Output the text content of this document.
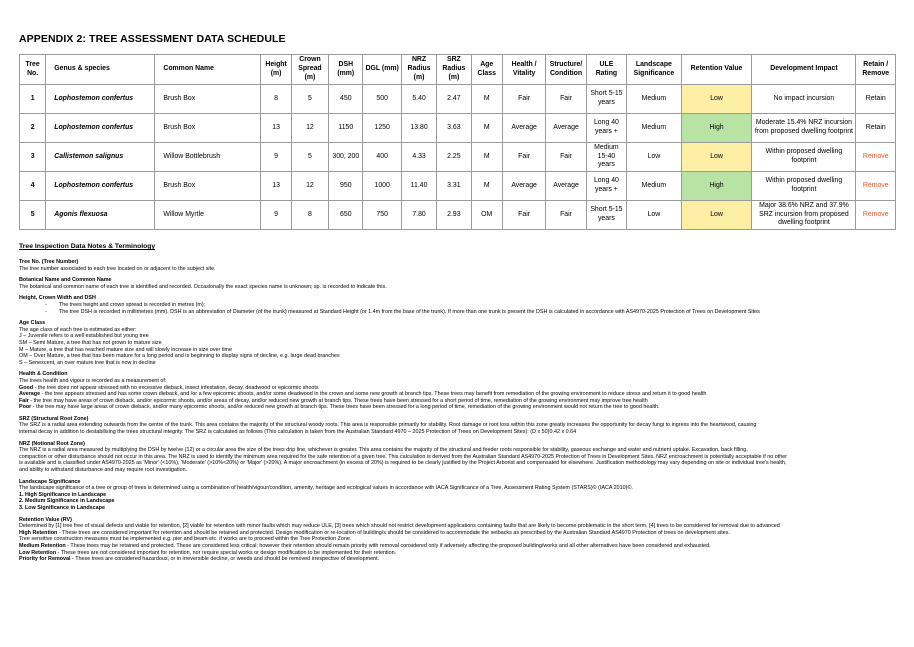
APPENDIX 2: TREE ASSESSMENT DATA SCHEDULE
Tree No.	Genus & species	Common Name	Height (m)	Crown Spread (m)	DSH (mm)	DGL (mm)	NRZ Radius (m)	SRZ Radius (m)	Age Class	Health / Vitality	Structure/ Condition	ULE Rating	Landscape Significance	Retention Value	Development Impact	Retain / Remove
1	Lophostemon confertus	Brush Box	8	5	450	500	5.40	2.47	M	Fair	Fair	Short 5-15 years	Medium	Low	No impact incursion	Retain
2	Lophostemon confertus	Brush Box	13	12	1150	1250	13.80	3.63	M	Average	Average	Long 40 years +	Medium	High	Moderate 15.4% NRZ incursion from proposed dwelling footprint	Retain
3	Callistemon salignus	Willow Bottlebrush	9	5	300, 200	400	4.33	2.25	M	Fair	Fair	Medium 15-40 years	Low	Low	Within proposed dwelling footprint	Remove
4	Lophostemon confertus	Brush Box	13	12	950	1000	11.40	3.31	M	Average	Average	Long 40 years +	Medium	High	Within proposed dwelling footprint	Remove
5	Agonis flexuosa	Willow Myrtle	9	8	650	750	7.80	2.93	OM	Fair	Fair	Short 5-15 years	Low	Low	Major 38.6% NRZ and 37.9% SRZ incursion from proposed dwelling footprint	Remove
Tree Inspection Data Notes & Terminology
Tree No. (Tree Number)
The tree number associated to each tree located on or adjacent to the subject site.
Botanical Name and Common Name
The botanical and common name of each tree is identified and recorded. Occasionally the exact species name is unknown; sp. is recorded to indicate this.
Height, Crown Width and DSH
- The trees height and crown spread is recorded in metres (m);
- The tree DSH is recorded in millimetres (mm). DSH is an abbreviation of Diameter (of the trunk) measured at Standard Height (or 1.4m from the base of the trunk). If more than one trunk is present the DSH is calculated in accordance with AS4970-2025 Protection of Trees on Development Sites
Age Class
The age class of each tree is estimated as either:
J – Juvenile refers to a well established but young tree
SM – Semi Mature, a tree that has not grown to mature size
M – Mature, a tree that has reached mature size and will slowly increase in size over time
OM – Over Mature, a tree that has been mature for a long period and is beginning to display signs of decline, e.g. large dead branches
S – Senescent, an over mature tree that is now in decline
Health & Condition
The trees health and vigour is recorded as a measurement of:
Good - the tree does not appear stressed with no excessive dieback, insect infestation, decay, deadwood or epicormic shoots
Average - the tree appears stressed and has some crown dieback, and /or a few epicormic shoots, and/or some deadwood in the crown and some new growth at branch tips. These trees may benefit from remediation of the growing environment to reduce stress and return it to good health
Fair - the tree may have areas of crown dieback, and/or epicormic shoots, and/or areas of decay, and/or reduced new growth at branch tips. These trees have been stressed for a short period of time, remediation of the growing environment may improve tree health
Poor - the tree may have large areas of crown dieback, and/or many epicormic shoots, and/or reduced new growth at branch tips. These trees have been stressed for a long period of time, remediation of the growing environment would not return the tree to good health.
SRZ (Structural Root Zone)
The SRZ is a radial area extending outwards from the centre of the trunk. This area contains the majority of the structural woody roots. This area is responsible primarily for stability. Root damage or root loss within this zone greatly increases the opportunity for decay fungi to ingress into the heartwood, causing
internal decay in addition to destabilising the trees structural integrity. The SRZ is calculated as follows (This calculation is taken from the Australian Standard 4970 – 2025 Protection of Trees on Development Sites): (D x 50)0.42 x 0.64
NRZ (Notional Root Zone)
The NRZ is a radial area measured by multiplying the DSH by twelve (12) or a circular area the size of the trees drip line, whichever is greater. This area contains the majority of the structural and feeder roots responsible for stability, gaseous exchange and water and nutrient uptake. Excavation, back filling,
compaction or other disturbance should not occur in this area. The NRZ is used to identify the minimum area required for the safe retention of a given tree. This calculation is derived from the Australian Standard AS4970-2025 Protection of Trees in Development Sites. NRZ encroachment is potentially acceptable if no other
is available and is classified under AS4970-2025 as 'Minor' (<10%), 'Moderate' (>10%<20%) or 'Major' (>20%). A major encroachment (in excess of 20%) is required to be clearly justified by the Project Arborist and compensated for elsewhere. Justification methodology may vary depending on site or individual tree's health,
and ability to withstand disturbance and may require root investigation.
Landscape Significance
The landscape significance of a tree or group of trees is determined using a combination of health/vigour/condition, amenity, heritage and ecological values in accordance with IACA Significance of a Tree, Assessment Rating System (STARS)© (IACA 2010)©.
1. High Significance in Landscape
2. Medium Significance in Landscape
3. Low Significance in Landscape
Retention Value (RV)
Determined by [1] tree free of visual defects and viable for retention, [2] viable for retention with minor faults which may reduce ULE, [3] trees which should not restrict development applications containing faults that are likely to become problematic in the short term, [4] trees to be considered for removal due to advanced
High Retention - These trees are considered important for retention and should be retained and protected. Design modification or re-location of building/s should be considered to accommodate the setbacks as prescribed by the Australian Standard AS4970 Protection of trees on development sites.
Tree sensitive construction measures must be implemented e.g. pier and beam etc. if works are to proceed within the Tree Protection Zone.
Medium Retention - These trees may be retained and protected. These are considered less critical; however their retention should remain priority with removal considered only if adversely affecting the proposed building/works and all other alternatives have been considered and exhausted.
Low Retention - These trees are not considered important for retention, nor require special works or design modification to be implemented for their retention.
Priority for Removal - These trees are considered hazardous, or in irreversible decline, or weeds and should be removed irrespective of development.
